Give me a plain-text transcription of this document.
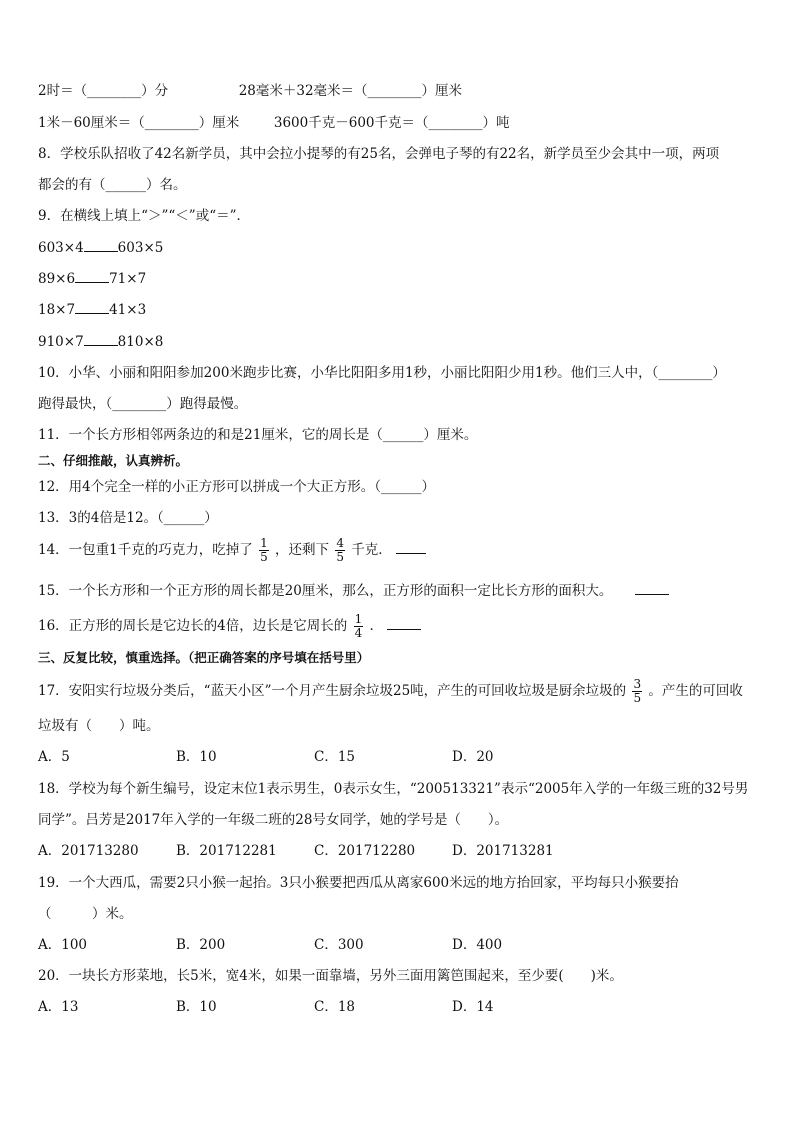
2时＝（________）分	28毫米＋32毫米＝（________）厘米
1米－60厘米＝（________）厘米	3600千克－600千克＝（________）吨
8．学校乐队招收了42名新学员，其中会拉小提琴的有25名，会弹电子琴的有22名，新学员至少会其中一项，两项
都会的有（______）名。
9．在横线上填上“＞”“＜”或“＝”．
603×4	603×5
89×6	71×7
18×7	41×3
910×7	810×8
10．小华、小丽和阳阳参加200米跑步比赛，小华比阳阳多用1秒，小丽比阳阳少用1秒。他们三人中，（________）
跑得最快，（________）跑得最慢。
11．一个长方形相邻两条边的和是21厘米，它的周长是（______）厘米。
二、仔细推敲，认真辨析。
12．用4个完全一样的小正方形可以拼成一个大正方形。（______）
13．3的4倍是12。（______）
14．一包重1千克的巧克力，吃掉了 $\frac{1}{5}$ ，还剩下 $\frac{4}{5}$ 千克．
15．一个长方形和一个正方形的周长都是20厘米，那么，正方形的面积一定比长方形的面积大。
16．正方形的周长是它边长的4倍，边长是它周长的 $\frac{1}{4}$ ．
三、反复比较，慎重选择。（把正确答案的序号填在括号里）
17．安阳实行垃圾分类后，“蓝天小区”一个月产生厨余垃圾25吨，产生的可回收垃圾是厨余垃圾的 $\frac{3}{5}$ 。产生的可回收
垃圾有（　　）吨。
A．5	B．10	C．15	D．20
18．学校为每个新生编号，设定末位1表示男生，0表示女生，“200513321”表示“2005年入学的一年级三班的32号男
同学”。吕芳是2017年入学的一年级二班的28号女同学，她的学号是（　　）。
A．201713280	B．201712281	C．201712280	D．201713281
19．一个大西瓜，需要2只小猴一起抬。3只小猴要把西瓜从离家600米远的地方抬回家，平均每只小猴要抬
（　　　）米。
A．100	B．200	C．300	D．400
20．一块长方形菜地，长5米，宽4米，如果一面靠墙，另外三面用篱笆围起来，至少要(　　)米。
A．13	B．10	C．18	D．14
